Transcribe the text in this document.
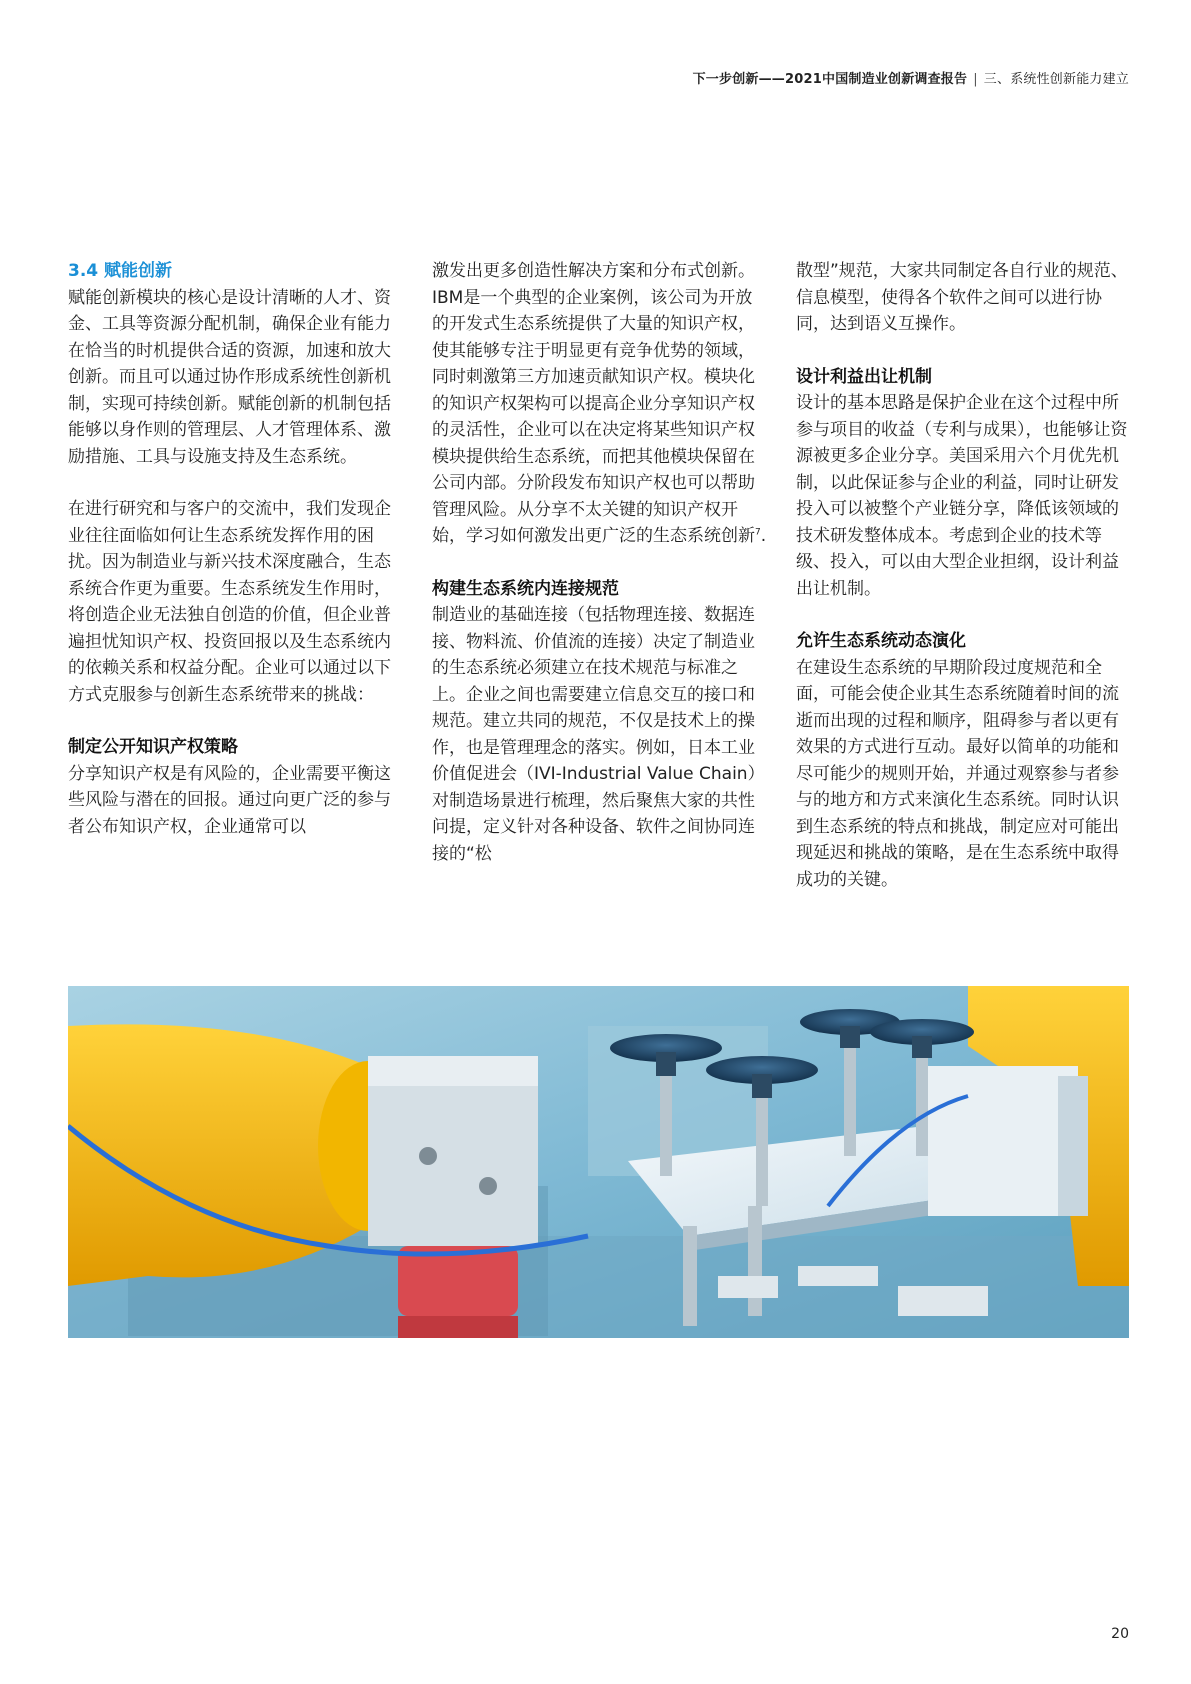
下一步创新——2021中国制造业创新调查报告 | 三、系统性创新能力建立
3.4 赋能创新

赋能创新模块的核心是设计清晰的人才、资金、工具等资源分配机制，确保企业有能力在恰当的时机提供合适的资源，加速和放大创新。而且可以通过协作形成系统性创新机制，实现可持续创新。赋能创新的机制包括能够以身作则的管理层、人才管理体系、激励措施、工具与设施支持及生态系统。

在进行研究和与客户的交流中，我们发现企业往往面临如何让生态系统发挥作用的困扰。因为制造业与新兴技术深度融合，生态系统合作更为重要。生态系统发生作用时，将创造企业无法独自创造的价值，但企业普遍担忧知识产权、投资回报以及生态系统内的依赖关系和权益分配。企业可以通过以下方式克服参与创新生态系统带来的挑战：

制定公开知识产权策略

分享知识产权是有风险的，企业需要平衡这些风险与潜在的回报。通过向更广泛的参与者公布知识产权，企业通常可以

激发出更多创造性解决方案和分布式创新。IBM是一个典型的企业案例，该公司为开放的开发式生态系统提供了大量的知识产权，使其能够专注于明显更有竞争优势的领域，同时刺激第三方加速贡献知识产权。模块化的知识产权架构可以提高企业分享知识产权的灵活性，企业可以在决定将某些知识产权模块提供给生态系统，而把其他模块保留在公司内部。分阶段发布知识产权也可以帮助管理风险。从分享不太关键的知识产权开始，学习如何激发出更广泛的生态系统创新$^7$.

构建生态系统内连接规范

制造业的基础连接（包括物理连接、数据连接、物料流、价值流的连接）决定了制造业的生态系统必须建立在技术规范与标准之上。企业之间也需要建立信息交互的接口和规范。建立共同的规范，不仅是技术上的操作，也是管理理念的落实。例如，日本工业价值促进会（IVI-Industrial Value Chain）对制造场景进行梳理，然后聚焦大家的共性问提，定义针对各种设备、软件之间协同连接的“松

散型”规范，大家共同制定各自行业的规范、信息模型，使得各个软件之间可以进行协同，达到语义互操作。

设计利益出让机制

设计的基本思路是保护企业在这个过程中所参与项目的收益（专利与成果），也能够让资源被更多企业分享。美国采用六个月优先机制，以此保证参与企业的利益，同时让研发投入可以被整个产业链分享，降低该领域的技术研发整体成本。考虑到企业的技术等级、投入，可以由大型企业担纲，设计利益出让机制。

允许生态系统动态演化

在建设生态系统的早期阶段过度规范和全面，可能会使企业其生态系统随着时间的流逝而出现的过程和顺序，阻碍参与者以更有效果的方式进行互动。最好以简单的功能和尽可能少的规则开始，并通过观察参与者参与的地方和方式来演化生态系统。同时认识到生态系统的特点和挑战，制定应对可能出现延迟和挑战的策略，是在生态系统中取得成功的关键。

20
